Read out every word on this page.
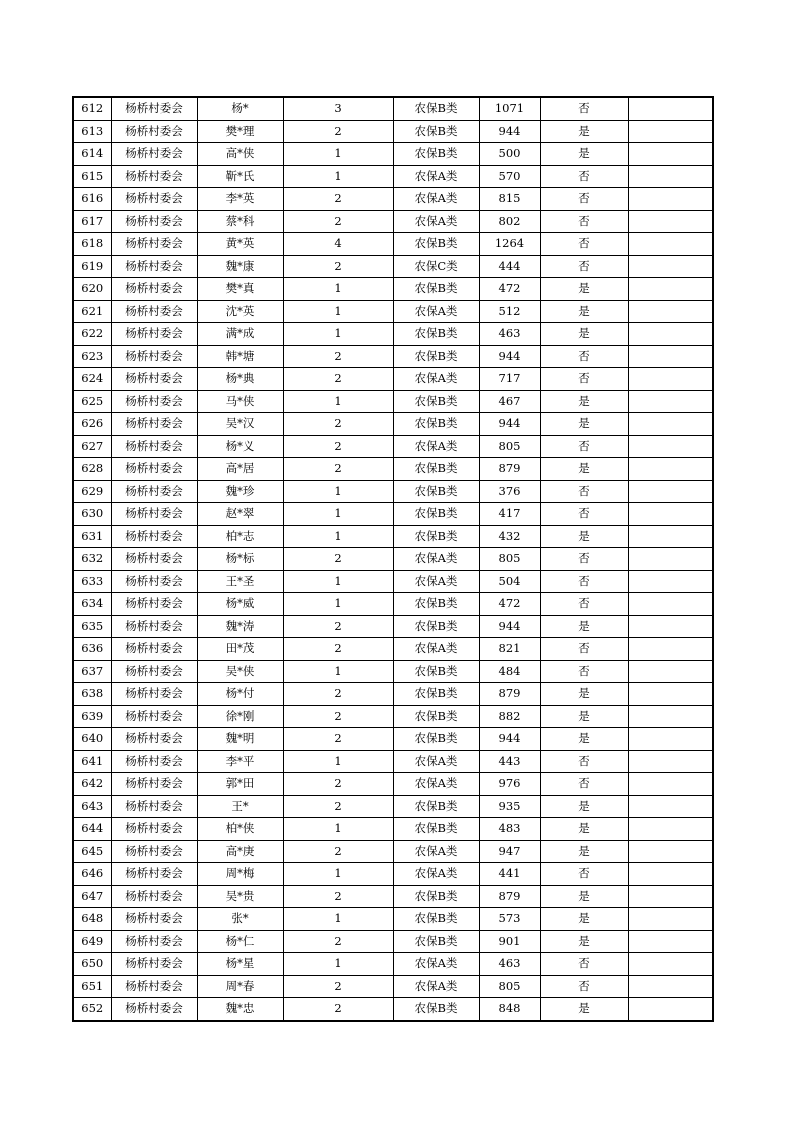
612	杨桥村委会	杨*	3	农保B类	1071	否	
613	杨桥村委会	樊*理	2	农保B类	944	是	
614	杨桥村委会	高*侠	1	农保B类	500	是	
615	杨桥村委会	靳*氏	1	农保A类	570	否	
616	杨桥村委会	李*英	2	农保A类	815	否	
617	杨桥村委会	蔡*科	2	农保A类	802	否	
618	杨桥村委会	黄*英	4	农保B类	1264	否	
619	杨桥村委会	魏*康	2	农保C类	444	否	
620	杨桥村委会	樊*真	1	农保B类	472	是	
621	杨桥村委会	沈*英	1	农保A类	512	是	
622	杨桥村委会	满*成	1	农保B类	463	是	
623	杨桥村委会	韩*塘	2	农保B类	944	否	
624	杨桥村委会	杨*典	2	农保A类	717	否	
625	杨桥村委会	马*侠	1	农保B类	467	是	
626	杨桥村委会	吴*汉	2	农保B类	944	是	
627	杨桥村委会	杨*义	2	农保A类	805	否	
628	杨桥村委会	高*居	2	农保B类	879	是	
629	杨桥村委会	魏*珍	1	农保B类	376	否	
630	杨桥村委会	赵*翠	1	农保B类	417	否	
631	杨桥村委会	柏*志	1	农保B类	432	是	
632	杨桥村委会	杨*标	2	农保A类	805	否	
633	杨桥村委会	王*圣	1	农保A类	504	否	
634	杨桥村委会	杨*威	1	农保B类	472	否	
635	杨桥村委会	魏*涛	2	农保B类	944	是	
636	杨桥村委会	田*茂	2	农保A类	821	否	
637	杨桥村委会	吴*侠	1	农保B类	484	否	
638	杨桥村委会	杨*付	2	农保B类	879	是	
639	杨桥村委会	徐*刚	2	农保B类	882	是	
640	杨桥村委会	魏*明	2	农保B类	944	是	
641	杨桥村委会	李*平	1	农保A类	443	否	
642	杨桥村委会	郭*田	2	农保A类	976	否	
643	杨桥村委会	王*	2	农保B类	935	是	
644	杨桥村委会	柏*侠	1	农保B类	483	是	
645	杨桥村委会	高*庚	2	农保A类	947	是	
646	杨桥村委会	周*梅	1	农保A类	441	否	
647	杨桥村委会	吴*贵	2	农保B类	879	是	
648	杨桥村委会	张*	1	农保B类	573	是	
649	杨桥村委会	杨*仁	2	农保B类	901	是	
650	杨桥村委会	杨*星	1	农保A类	463	否	
651	杨桥村委会	周*春	2	农保A类	805	否	
652	杨桥村委会	魏*忠	2	农保B类	848	是	
